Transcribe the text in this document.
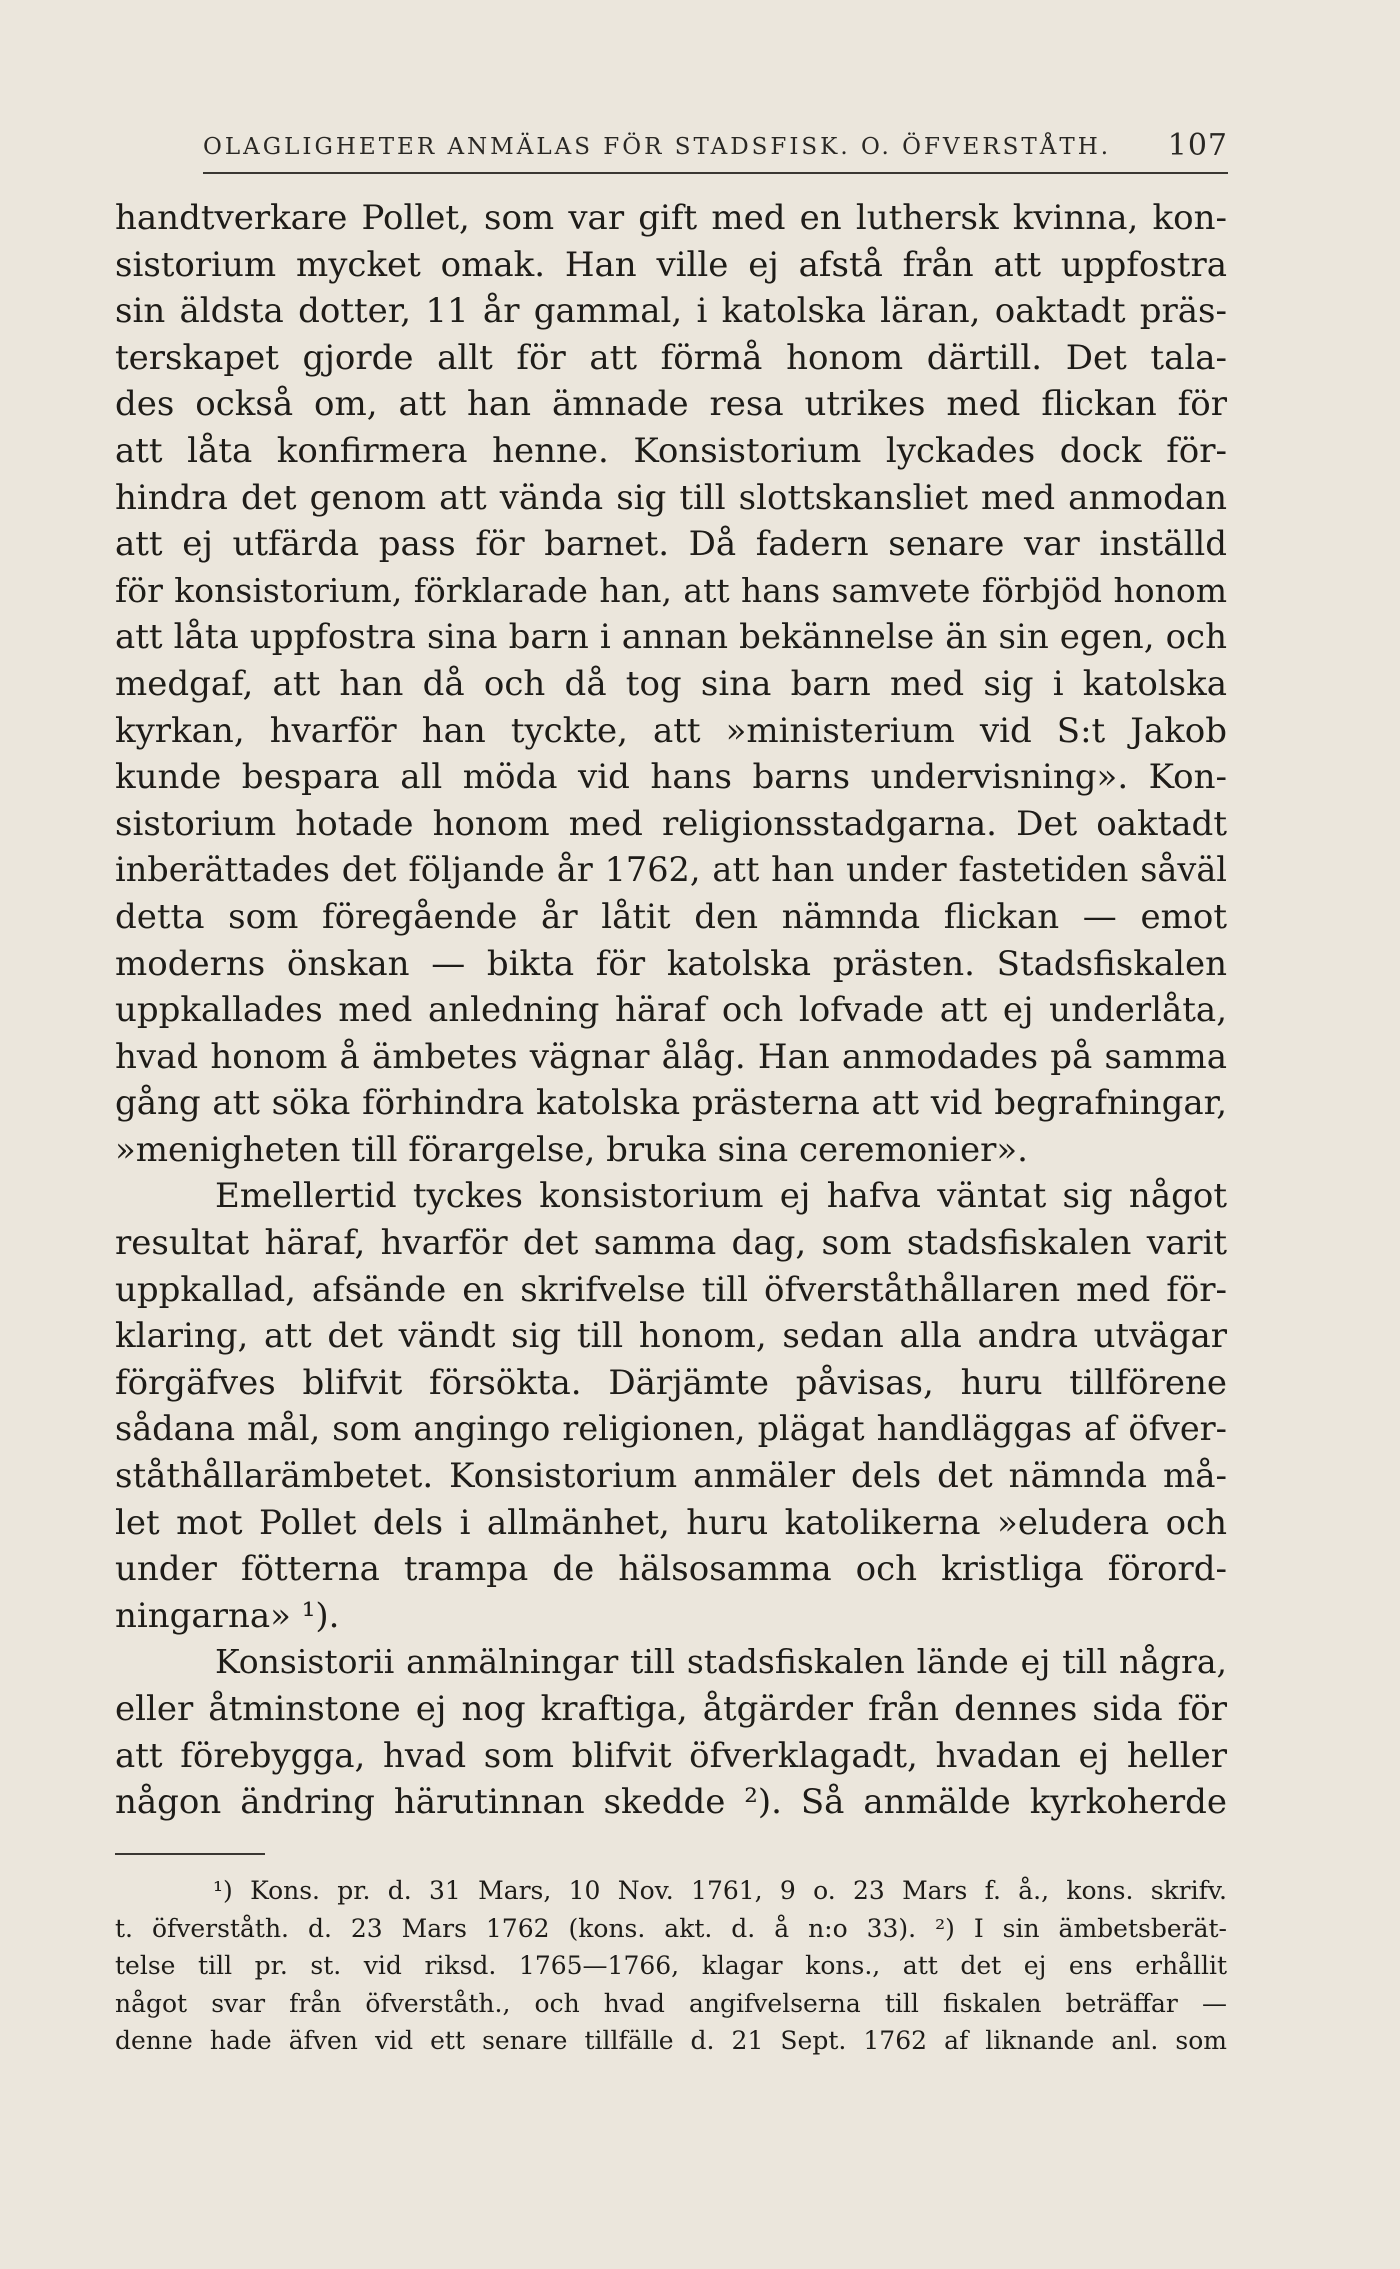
OLAGLIGHETER ANMÄLAS FÖR STADSFISK. O. ÖFVERSTÅTH. 107
handtverkare Pollet, som var gift med en luthersk kvinna, kon-
sistorium mycket omak. Han ville ej afstå från att uppfostra
sin äldsta dotter, 11 år gammal, i katolska läran, oaktadt präs-
terskapet gjorde allt för att förmå honom därtill. Det tala-
des också om, att han ämnade resa utrikes med flickan för
att låta konfirmera henne. Konsistorium lyckades dock för-
hindra det genom att vända sig till slottskansliet med anmodan
att ej utfärda pass för barnet. Då fadern senare var inställd
för konsistorium, förklarade han, att hans samvete förbjöd honom
att låta uppfostra sina barn i annan bekännelse än sin egen, och
medgaf, att han då och då tog sina barn med sig i katolska
kyrkan, hvarför han tyckte, att »ministerium vid S:t Jakob
kunde bespara all möda vid hans barns undervisning». Kon-
sistorium hotade honom med religionsstadgarna. Det oaktadt
inberättades det följande år 1762, att han under fastetiden såväl
detta som föregående år låtit den nämnda flickan — emot
moderns önskan — bikta för katolska prästen. Stadsfiskalen
uppkallades med anledning häraf och lofvade att ej underlåta,
hvad honom å ämbetes vägnar ålåg. Han anmodades på samma
gång att söka förhindra katolska prästerna att vid begrafningar,
»menigheten till förargelse, bruka sina ceremonier».
Emellertid tyckes konsistorium ej hafva väntat sig något
resultat häraf, hvarför det samma dag, som stadsfiskalen varit
uppkallad, afsände en skrifvelse till öfverståthållaren med för-
klaring, att det vändt sig till honom, sedan alla andra utvägar
förgäfves blifvit försökta. Därjämte påvisas, huru tillförene
sådana mål, som angingo religionen, plägat handläggas af öfver-
ståthållarämbetet. Konsistorium anmäler dels det nämnda må-
let mot Pollet dels i allmänhet, huru katolikerna »eludera och
under fötterna trampa de hälsosamma och kristliga förord-
ningarna» ¹).
Konsistorii anmälningar till stadsfiskalen lände ej till några,
eller åtminstone ej nog kraftiga, åtgärder från dennes sida för
att förebygga, hvad som blifvit öfverklagadt, hvadan ej heller
någon ändring härutinnan skedde ²). Så anmälde kyrkoherde
¹) Kons. pr. d. 31 Mars, 10 Nov. 1761, 9 o. 23 Mars f. å., kons. skrifv.
t. öfverståth. d. 23 Mars 1762 (kons. akt. d. å n:o 33). ²) I sin ämbetsberät-
telse till pr. st. vid riksd. 1765—1766, klagar kons., att det ej ens erhållit
något svar från öfverståth., och hvad angifvelserna till fiskalen beträffar —
denne hade äfven vid ett senare tillfälle d. 21 Sept. 1762 af liknande anl. som
